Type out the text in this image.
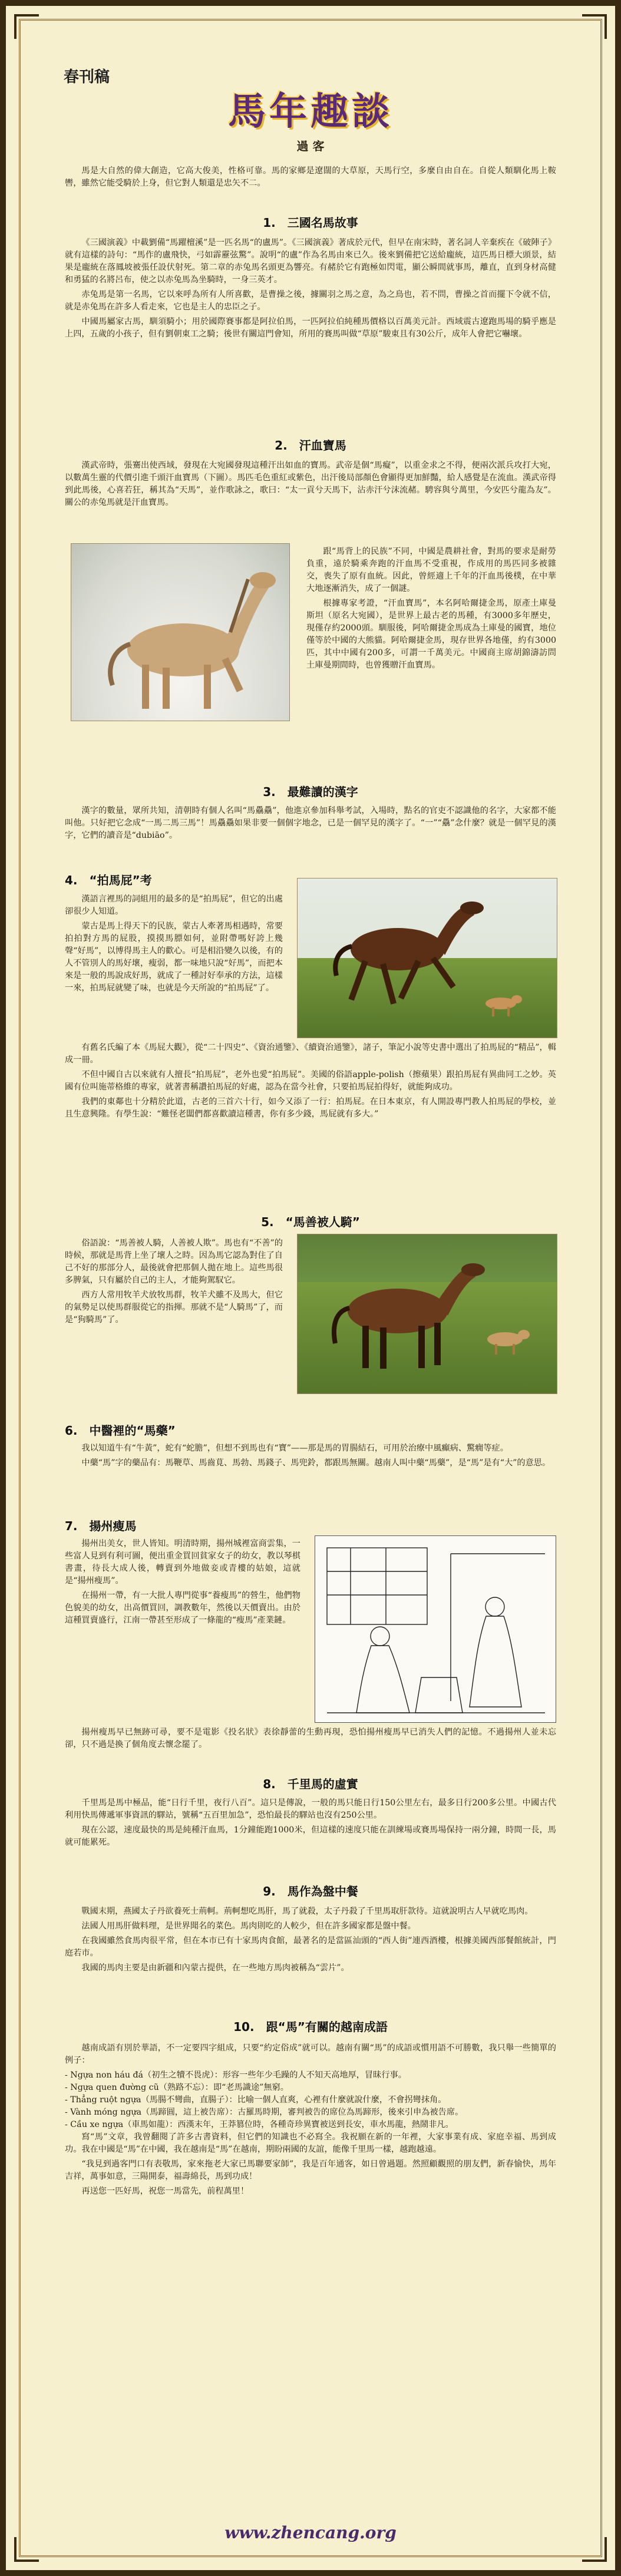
春刊稿
馬年趣談
過 客

馬是大自然的偉大創造，它高大俊美，性格可靠。馬的家鄉是遼闊的大草原，天馬行空，多麼自由自在。自從人類馴化馬上鞍轡，雖然它能受騎於上身，但它對人類還是忠矢不二。

1.　三國名馬故事

《三國演義》中載劉備“馬躍檀溪”是一匹名馬“的盧馬”。《三國演義》著成於元代，但早在南宋時，著名詞人辛棄疾在《破陣子》就有這樣的詩句：“馬作的盧飛快，弓如霹靂弦驚”。說明“的盧”作為名馬由來已久。後來劉備把它送給龐統，這匹馬日標大頭景，結果是龐統在落鳳坡被張任設伏射死。第二章的赤兔馬名頭更為響亮。有赭於它有跑極如閃電，顯公瞬間就事馬，離直，直到身材高健和勇猛的名將呂布，使之以赤兔馬為坐騎時，一身三英才。

赤兔馬是第一名馬，它以來呼為所有人所喜歡，是曹操之後，據關羽之馬之意，為之鳥也，若不問，曹操之首而擺下令就不信，就是赤兔馬在許多人看走來，它也是主人的忠臣之子。

中國馬屬家古馬，馴須騎小；用於國際賽事都是阿拉伯馬，一匹阿拉伯純種馬價格以百萬美元計。西域震古遼跑馬場的騎乎應是上四，五歲的小孩子，但有劉朝東工之騎；後世有關這門會知，所用的賽馬叫做“草原”駿東且有30公斤，成年人會把它嚇壞。

2.　汗血寶馬

漢武帝時，張騫出使西域，發現在大宛國發現這種汗出如血的寶馬。武帝是個“馬癡”，以重金求之不得，便兩次派兵攻打大宛，以數萬生靈的代價引進千頭汗血寶馬（下圖）。馬匹毛色重紅或紫色，出汗後局部顏色會顯得更加鮮豔，給人感覺是在流血。漢武帝得到此馬後，心喜若狂，稱其為“天馬”，並作歌詠之，歌曰：“太一貢兮天馬下，沾赤汗兮沫流赭。騁容與兮萬里，今安匹兮龍為友”。關公的赤兔馬就是汗血寶馬。

跟“馬背上的民族”不同，中國是農耕社會，對馬的要求是耐勞負重，遠於騎乘奔跑的汗血馬不受重視，作成用的馬匹同多被雜交，喪失了原有血統。因此，曾經適上千年的汗血馬後樸，在中華大地逐漸消失，成了一個謎。

根據專家考證，“汗血寶馬”，本名阿哈爾捷金馬，原產土庫曼斯坦（原名大宛國），是世界上最古老的馬種，有3000多年歷史，現僅存約2000頭。馴服後，阿哈爾捷金馬成為土庫曼的國寶，地位僅等於中國的大熊貓。阿哈爾捷金馬，現存世界各地僅，約有3000匹，其中中國有200多，可謂一千萬美元。中國商主席胡錦濤訪問土庫曼期間時，也曾獲贈汗血寶馬。

3.　最難讀的漢字

漢字的數量，眾所共知，清朝時有個人名叫“馬驫驫”，他進京參加科舉考試，入場時，點名的官吏不認識他的名字，大家都不能叫他。只好把它念成“一馬二馬三馬”！馬驫驫如果非要一個個字地念，已是一個罕見的漢字了。“一”“驫”念什麼？就是一個罕見的漢字，它們的讀音是“dubiāo”。

4.　“拍馬屁”考

漢語言裡馬的詞組用的最多的是“拍馬屁”，但它的出處卻很少人知道。

蒙古是馬上得天下的民族，蒙古人牽著馬相遇時，常要拍拍對方馬的屁股，摸摸馬膘如何，並附帶嗎好誇上幾聲“好馬”，以博得馬主人的歡心。可是相沿變久以後，有的人不管別人的馬好壞，瘦弱，都一味地只說“好馬”，而把本來是一般的馬說成好馬，就成了一種討好奉承的方法，這樣一來，拍馬屁就變了味，也就是今天所說的“拍馬屁”了。

有舊名氏編了本《馬屁大觀》，從“二十四史”、《資治通鑒》、《續資治通鑒》，諸子，筆記小說等史書中選出了拍馬屁的“精品”，輯成一冊。

不但中國自古以來就有人擅長“拍馬屁”，老外也愛“拍馬屁”。美國的俗語apple-polish（擦蘋果）跟拍馬屁有異曲同工之妙。英國有位叫施蒂格維的專家，就著書稱讚拍馬屁的好處，認為在當今社會，只要拍馬屁拍得好，就能夠成功。

我們的東鄰也十分精於此道，古老的三首六十行，如今又添了一行：拍馬屁。在日本東京，有人開設專門教人拍馬屁的學校，並且生意興隆。有學生說：“難怪老闆們都喜歡讀這種書，你有多少錢，馬屁就有多大。”

5.　“馬善被人騎”

俗語說：“馬善被人騎，人善被人欺”。馬也有“不善”的時候，那就是馬背上坐了壞人之時。因為馬它認為對住了自己不好的那部分人，最後就會把那個人拋在地上。這些馬很多脾氣，只有屬於自己的主人，才能夠駕馭它。

西方人常用牧羊犬放牧馬群，牧羊犬雖不及馬大，但它的氣勢足以使馬群服從它的指揮。那就不是“人騎馬”了，而是“狗騎馬”了。

6.　中醫裡的“馬藥”

我以知道牛有“牛黃”，蛇有“蛇膽”，但想不到馬也有“寶”——那是馬的胃腸結石，可用於治療中風癲病、驚癇等症。

中藥“馬”字的藥品有：馬鞭草、馬齒莧、馬勃、馬錢子、馬兜鈴，都跟馬無關。越南人叫中藥“馬藥”，是“馬”是有“大”的意思。

7.　揚州瘦馬

揚州出美女，世人皆知。明清時期，揚州城裡富商雲集，一些富人見到有利可圖，便出重金買回貧家女子的幼女，教以琴棋書畫，待長大成人後，轉賣到外地做妾或青樓的姑娘，這就是“揚州瘦馬”。

在揚州一帶，有一大批人專門從事“養瘦馬”的營生，他們物色貌美的幼女，出高價買回，調教數年，然後以天價賣出。由於這種買賣盛行，江南一帶甚至形成了一條龍的“瘦馬”產業鏈。

揚州瘦馬早已無跡可尋，要不是電影《投名狀》表徐靜蕾的生動再現，恐怕揚州瘦馬早已消失人們的記憶。不過揚州人並未忘卻，只不過是換了個角度去懷念罷了。

8.　千里馬的虛實

千里馬是馬中極品，能“日行千里，夜行八百”。這只是傳說，一般的馬只能日行150公里左右，最多日行200多公里。中國古代利用快馬傳遞軍事資訊的驛站，號稱“五百里加急”，恐怕最長的驛站也沒有250公里。

現在公認，速度最快的馬是純種汗血馬，1分鐘能跑1000米，但這樣的速度只能在訓練場或賽馬場保持一兩分鐘，時間一長，馬就可能累死。

9.　馬作為盤中餐

戰國末期，燕國太子丹欲養死士荊軻。荊軻想吃馬肝，馬了就殺，太子丹殺了千里馬取肝款待。這就說明古人早就吃馬肉。

法國人用馬肝做料理，是世界聞名的菜色。馬肉則吃的人較少，但在許多國家都是盤中餐。

在我國雖然食馬肉很平常，但在本市已有十家馬肉食館，最著名的是當區汕頭的“西人街”連西酒樓，根據美國西部餐館統計，門庭若市。

我國的馬肉主要是由新疆和內蒙古提供，在一些地方馬肉被稱為“雲片”。

10.　跟“馬”有關的越南成語

越南成語有別於華語，不一定要四字組成，只要“約定俗成”就可以。越南有關“馬”的成語或慣用語不可勝數，我只舉一些簡單的例子：

- Ngựa non háu đá（初生之犢不畏虎）：形容一些年少毛躁的人不知天高地厚，冒昧行事。
- Ngựa quen đường cũ（熟路不忘）：即“老馬識途”無窮。
- Thẳng ruột ngựa（馬腸不彎曲，直腸子）：比喻一個人直爽，心裡有什麼就說什麼，不會拐彎抹角。
- Vành móng ngựa（馬蹄圓，這上被告席）：古羅馬時期，審判被告的席位為馬蹄形，後來引申為被告席。
- Cầu xe ngựa（車馬如龍）：西漢末年，王莽篡位時，各種奇珍異寶被送到長安，車水馬龍，熱鬧非凡。

寫“馬”文章，我曾翻閱了許多古書資料，但它們的知識也不必寫全。我祝願在新的一年裡，大家事業有成、家庭幸福、馬到成功。我在中國是“馬”在中國，我在越南是“馬”在越南，期盼兩國的友誼，能像千里馬一樣，越跑越遠。

“我見到過客門口有表敬馬，家來拖老大家已馬聯要家師”，我是百年通客，如日曾過題。然照顧觀照的朋友們，新春愉快，馬年吉祥，萬事如意，三陽開泰，福壽綿長，馬到功成！

再送您一匹好馬，祝您一馬當先，前程萬里！

www.zhencang.org
